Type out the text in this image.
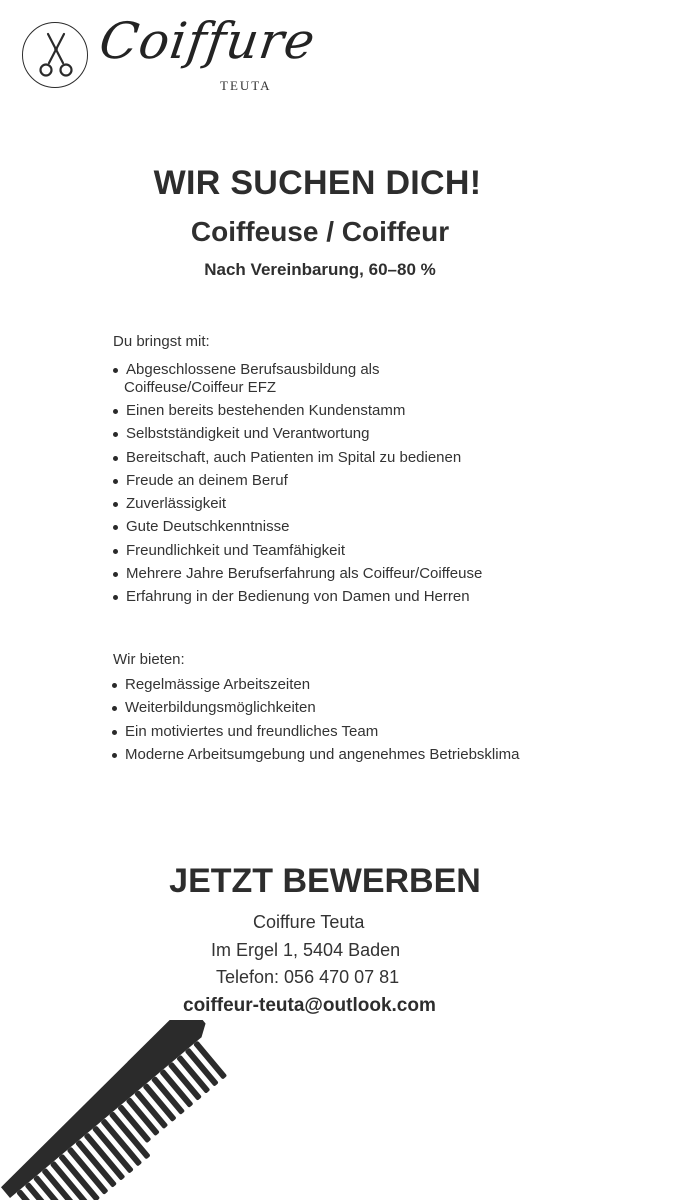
Coiffure
TEUTA
WIR SUCHEN DICH!
Coiffeuse / Coiffeur
Nach Vereinbarung, 60–80 %
Du bringst mit:
Abgeschlossene Berufsausbildung als
Coiffeuse/Coiffeur EFZ
Einen bereits bestehenden Kundenstamm
Selbstständigkeit und Verantwortung
Bereitschaft, auch Patienten im Spital zu bedienen
Freude an deinem Beruf
Zuverlässigkeit
Gute Deutschkenntnisse
Freundlichkeit und Teamfähigkeit
Mehrere Jahre Berufserfahrung als Coiffeur/Coiffeuse
Erfahrung in der Bedienung von Damen und Herren
Wir bieten:
Regelmässige Arbeitszeiten
Weiterbildungsmöglichkeiten
Ein motiviertes und freundliches Team
Moderne Arbeitsumgebung und angenehmes Betriebsklima
JETZT BEWERBEN
Coiffure Teuta
Im Ergel 1, 5404 Baden
Telefon: 056 470 07 81
coiffeur-teuta@outlook.com
